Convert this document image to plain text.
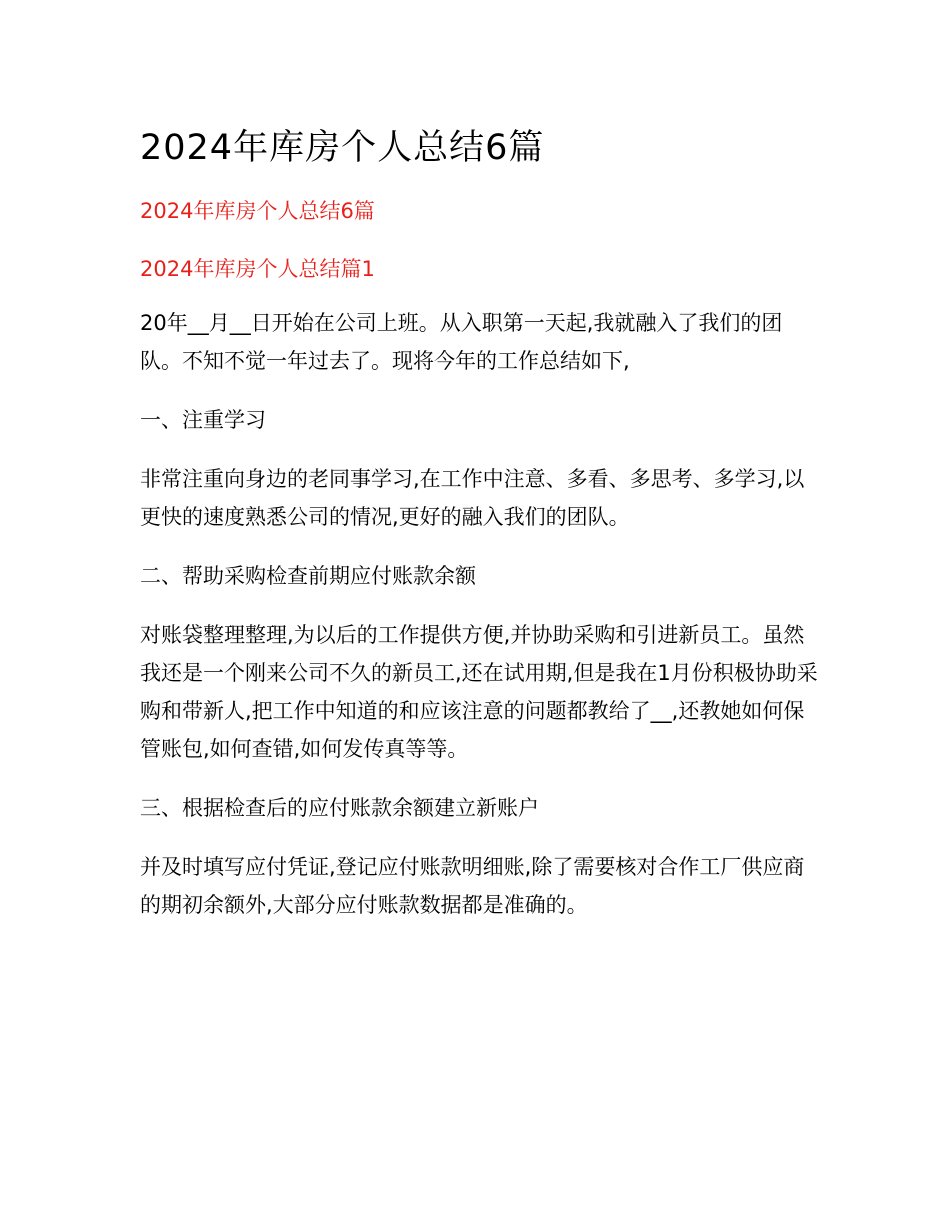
2024年库房个人总结6篇
2024年库房个人总结6篇
2024年库房个人总结篇1

20年__月__日开始在公司上班。从入职第一天起,我就融入了我们的团队。不知不觉一年过去了。现将今年的工作总结如下,

一、注重学习

非常注重向身边的老同事学习,在工作中注意、多看、多思考、多学习,以更快的速度熟悉公司的情况,更好的融入我们的团队。

二、帮助采购检查前期应付账款余额

对账袋整理整理,为以后的工作提供方便,并协助采购和引进新员工。虽然我还是一个刚来公司不久的新员工,还在试用期,但是我在1月份积极协助采购和带新人,把工作中知道的和应该注意的问题都教给了__,还教她如何保管账包,如何查错,如何发传真等等。

三、根据检查后的应付账款余额建立新账户

并及时填写应付凭证,登记应付账款明细账,除了需要核对合作工厂供应商的期初余额外,大部分应付账款数据都是准确的。
